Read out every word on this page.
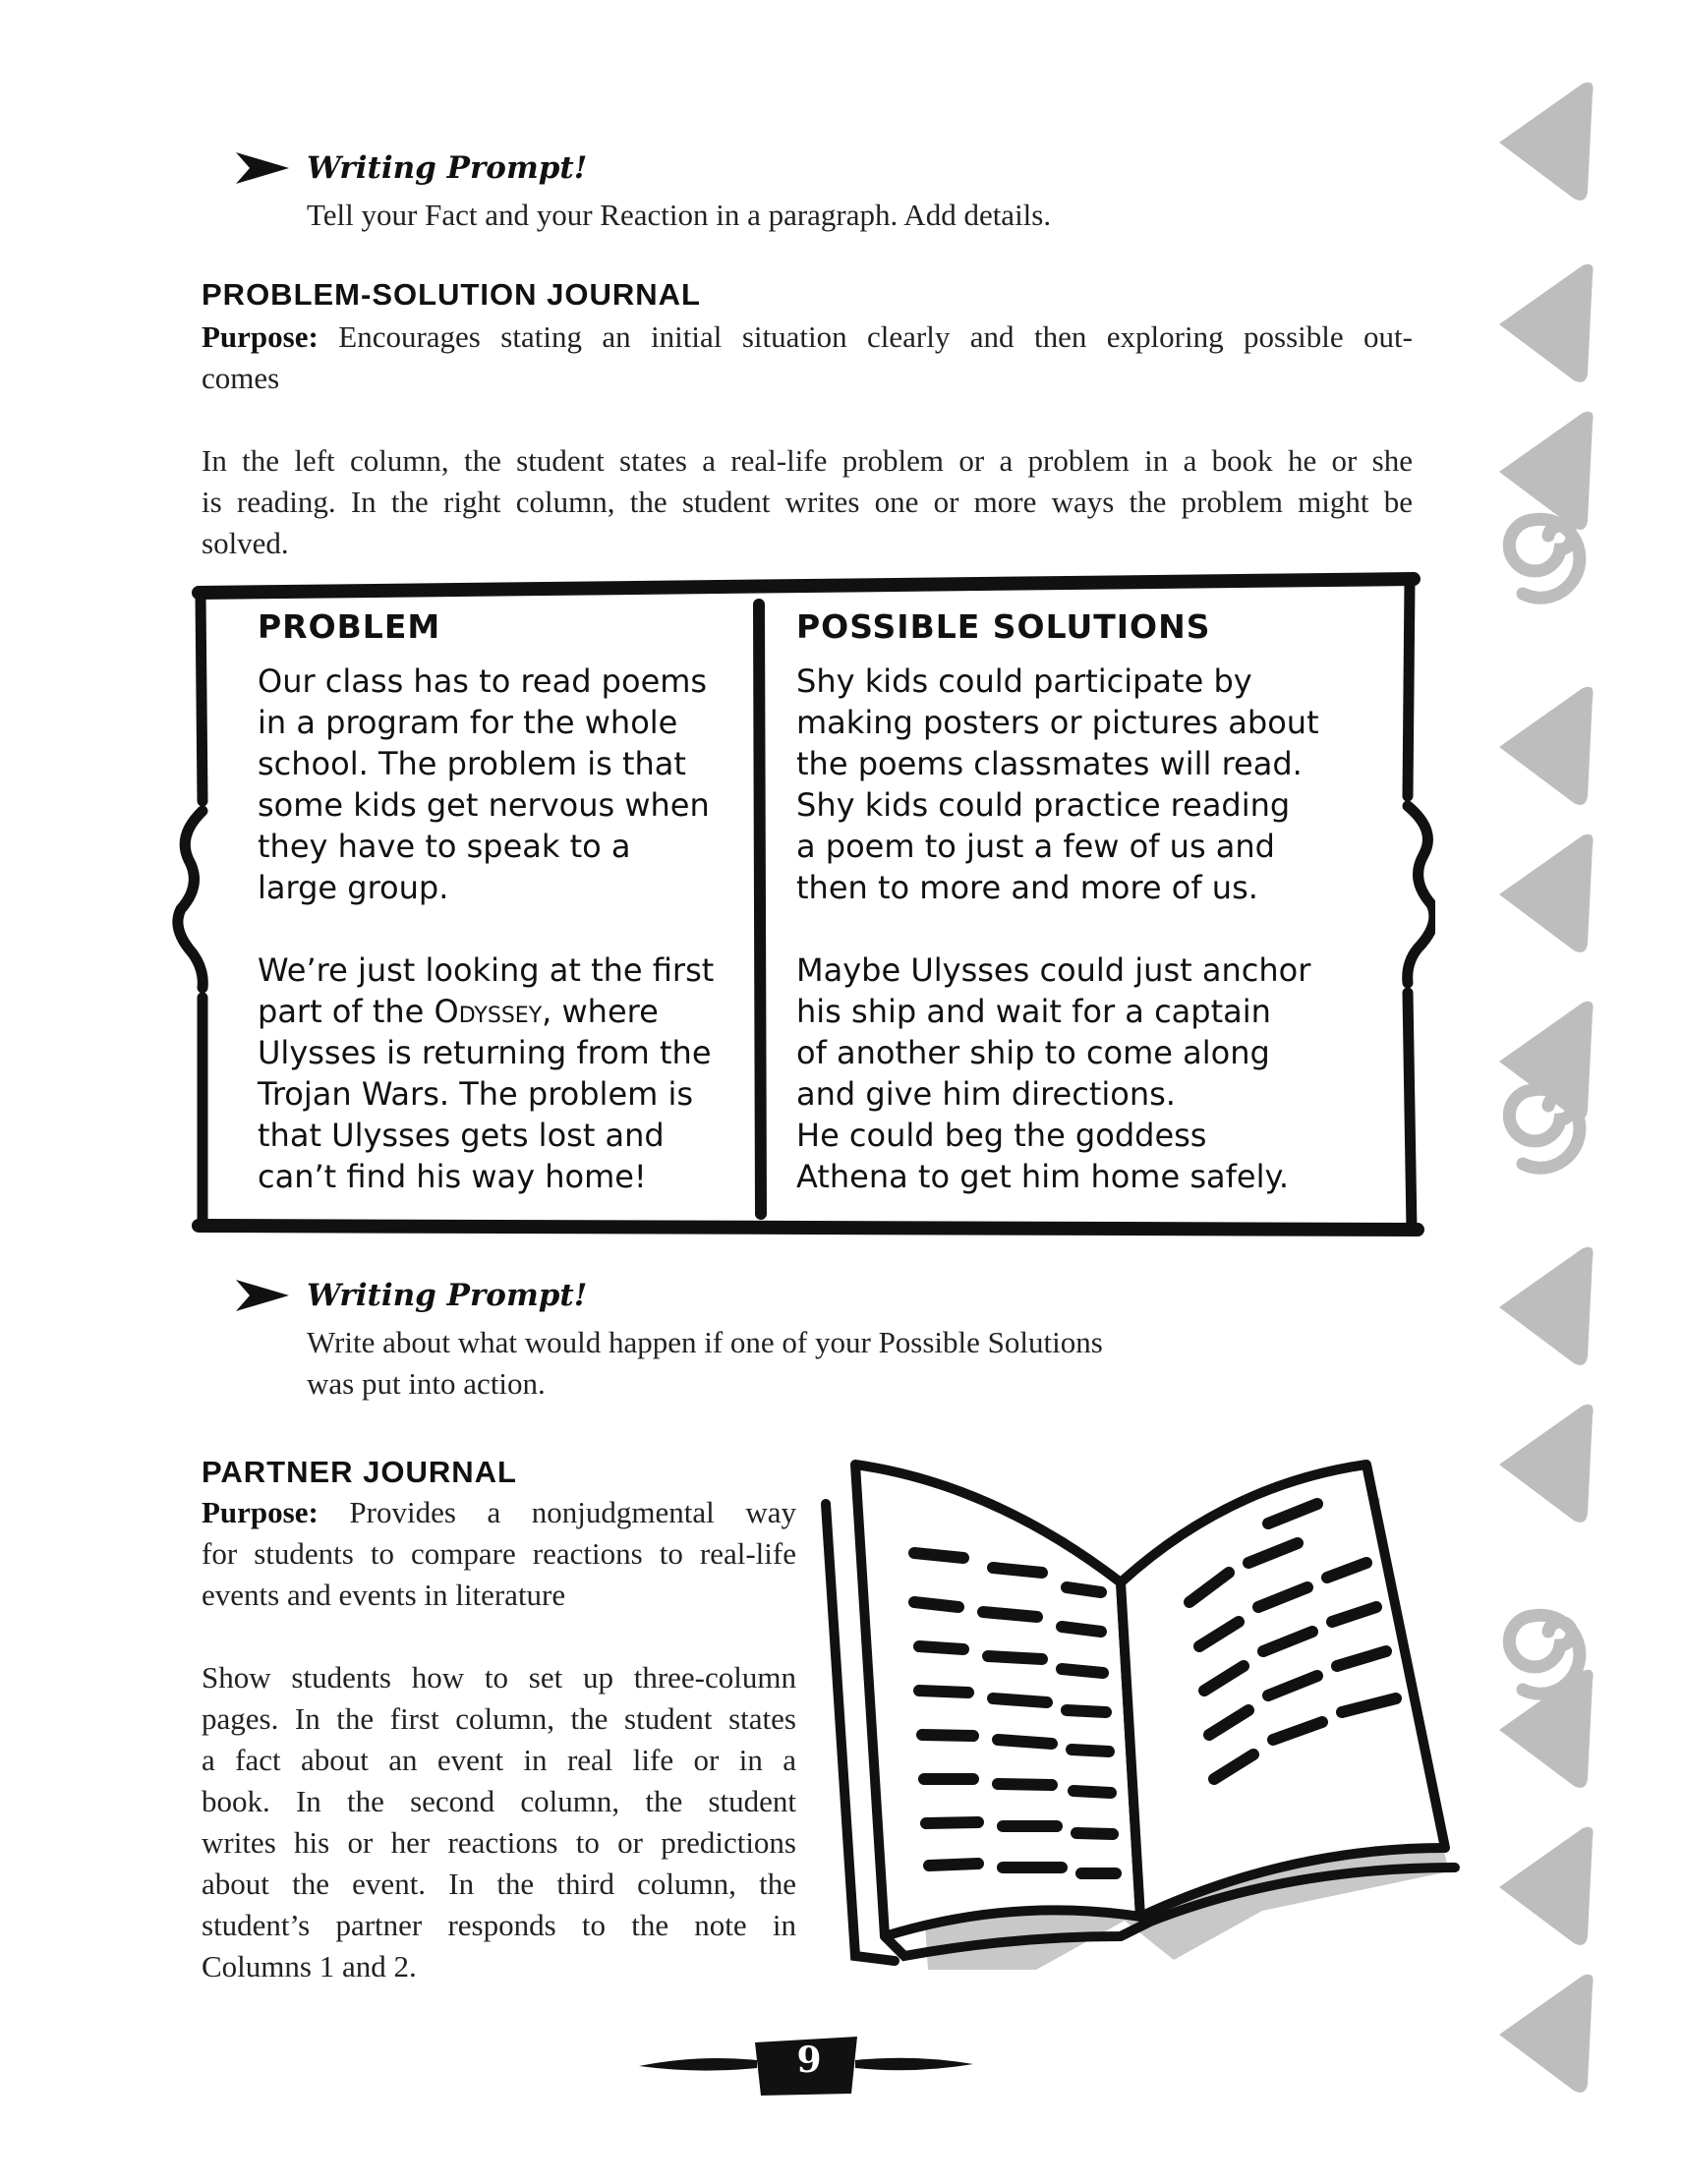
Writing Prompt!
Tell your Fact and your Reaction in a paragraph. Add details.
PROBLEM-SOLUTION JOURNAL
Purpose: Encourages stating an initial situation clearly and then exploring possible out-
comes
In the left column, the student states a real-life problem or a problem in a book he or she
is reading. In the right column, the student writes one or more ways the problem might be
solved.
PROBLEM	POSSIBLE SOLUTIONS
Our class has to read poems
in a program for the whole
school. The problem is that
some kids get nervous when
they have to speak to a
large group.
We’re just looking at the first
part of the Odyssey, where
Ulysses is returning from the
Trojan Wars. The problem is
that Ulysses gets lost and
can’t find his way home!
Shy kids could participate by
making posters or pictures about
the poems classmates will read.
Shy kids could practice reading
a poem to just a few of us and
then to more and more of us.
Maybe Ulysses could just anchor
his ship and wait for a captain
of another ship to come along
and give him directions.
He could beg the goddess
Athena to get him home safely.
Writing Prompt!
Write about what would happen if one of your Possible Solutions
was put into action.
PARTNER JOURNAL
Purpose: Provides a nonjudgmental way
for students to compare reactions to real-life
events and events in literature
Show students how to set up three-column
pages. In the first column, the student states
a fact about an event in real life or in a
book. In the second column, the student
writes his or her reactions to or predictions
about the event. In the third column, the
student’s partner responds to the note in
Columns 1 and 2.
9
